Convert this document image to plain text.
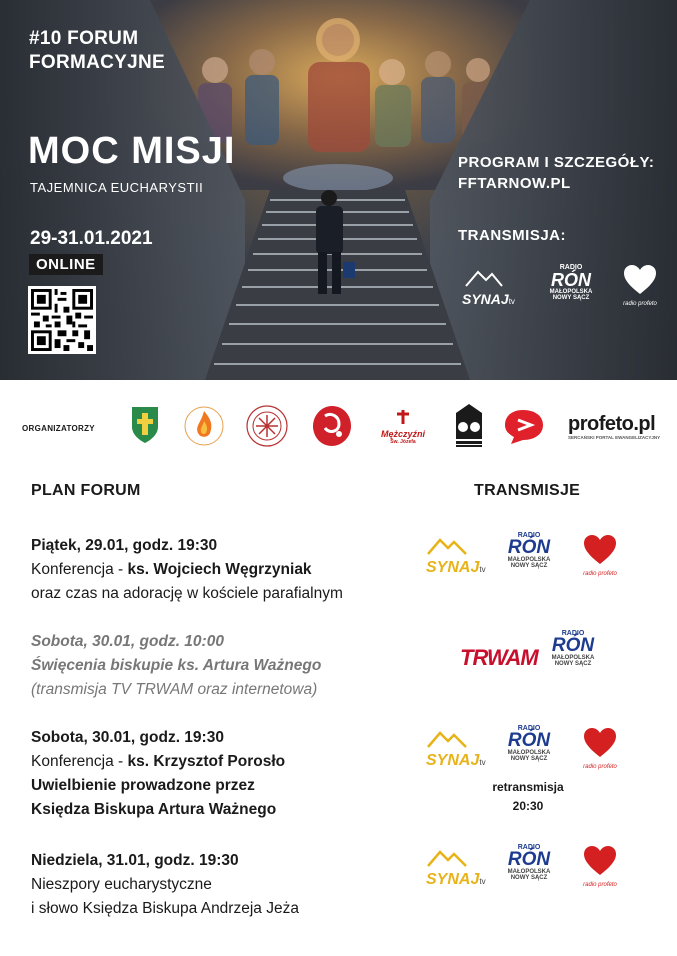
#10 FORUM
FORMACYJNE
MOC MISJI
TAJEMNICA EUCHARYSTII
29-31.01.2021
ONLINE
PROGRAM I SZCZEGÓŁY:
FFTARNOW.PL
TRANSMISJA:
SYNAJtv
RADIO
RÓN
MAŁOPOLSKA
NOWY SĄCZ
radio profeto
ORGANIZATORZY
Mężczyźni
Św. Józefa
profeto.pl
SERCAŃSKI PORTAL EWANGELIZACYJNY
PLAN FORUM	TRANSMISJE
Piątek, 29.01, godz. 19:30
Konferencja - ks. Wojciech Węgrzyniak
oraz czas na adorację w kościele parafialnym
Sobota, 30.01, godz. 10:00
Święcenia biskupie ks. Artura Ważnego
(transmisja TV TRWAM oraz internetowa)
Sobota, 30.01, godz. 19:30
Konferencja - ks. Krzysztof Porosło
Uwielbienie prowadzone przez
Księdza Biskupa Artura Ważnego
Niedziela, 31.01, godz. 19:30
Nieszpory eucharystyczne
i słowo Księdza Biskupa Andrzeja Jeża
SYNAJtv
RADIO
RÓN
MAŁOPOLSKA
NOWY SĄCZ
radio profeto
TRWAM
RADIO
RÓN
MAŁOPOLSKA
NOWY SĄCZ
SYNAJtv
RADIO
RÓN
MAŁOPOLSKA
NOWY SĄCZ
retransmisja
20:30
radio profeto
SYNAJtv
RADIO
RÓN
MAŁOPOLSKA
NOWY SĄCZ
radio profeto
